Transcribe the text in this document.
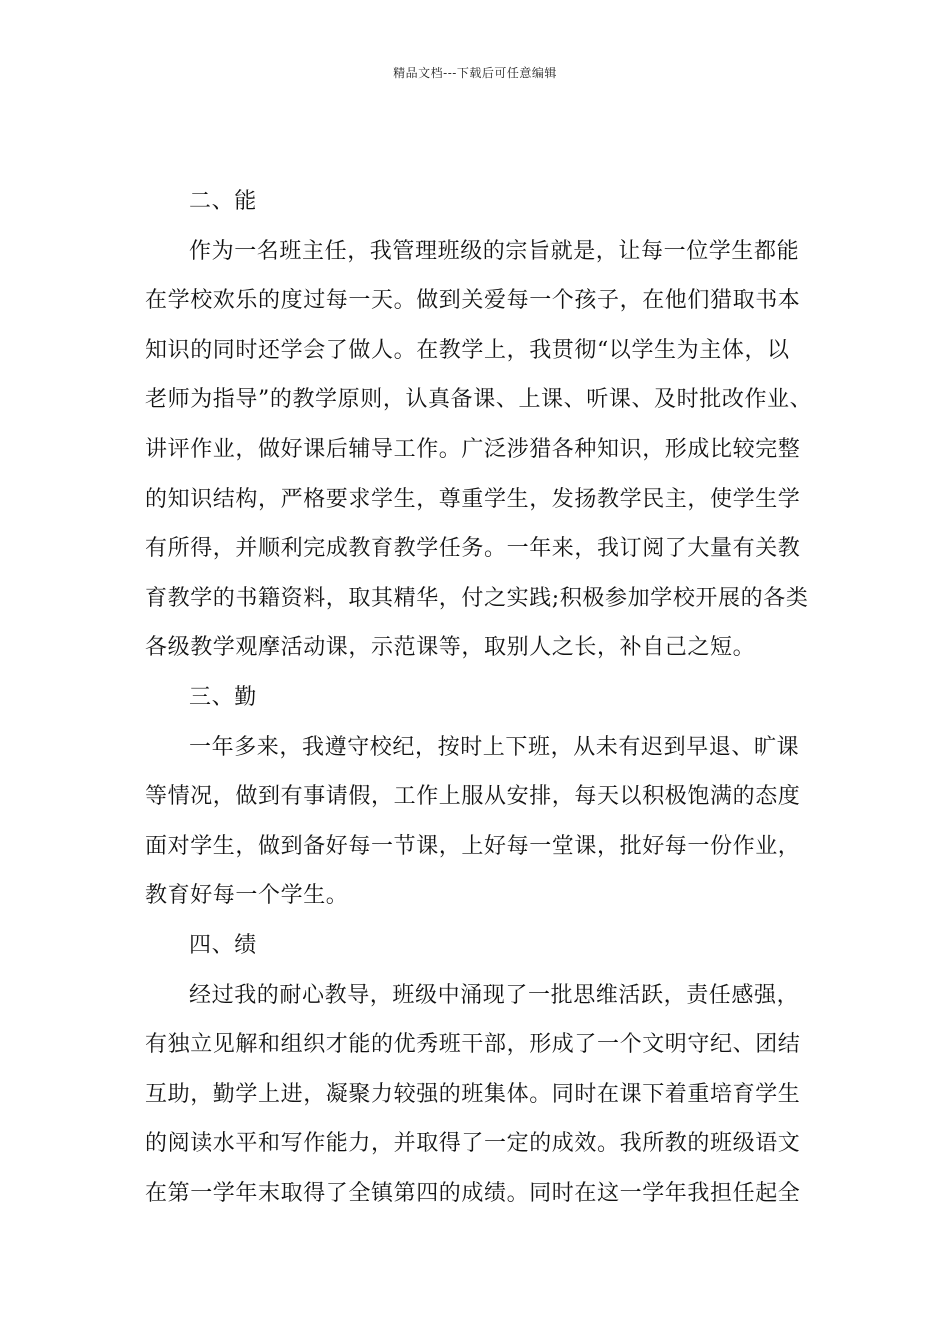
精品文档---下载后可任意编辑
二、能
作为一名班主任，我管理班级的宗旨就是，让每一位学生都能
在学校欢乐的度过每一天。做到关爱每一个孩子，在他们猎取书本
知识的同时还学会了做人。在教学上，我贯彻“以学生为主体，以
老师为指导”的教学原则，认真备课、上课、听课、及时批改作业、
讲评作业，做好课后辅导工作。广泛涉猎各种知识，形成比较完整
的知识结构，严格要求学生，尊重学生，发扬教学民主，使学生学
有所得，并顺利完成教育教学任务。一年来，我订阅了大量有关教
育教学的书籍资料，取其精华，付之实践;积极参加学校开展的各类
各级教学观摩活动课，示范课等，取别人之长，补自己之短。
三、勤
一年多来，我遵守校纪，按时上下班，从未有迟到早退、旷课
等情况，做到有事请假，工作上服从安排，每天以积极饱满的态度
面对学生，做到备好每一节课，上好每一堂课，批好每一份作业，
教育好每一个学生。
四、绩
经过我的耐心教导，班级中涌现了一批思维活跃，责任感强，
有独立见解和组织才能的优秀班干部，形成了一个文明守纪、团结
互助，勤学上进，凝聚力较强的班集体。同时在课下着重培育学生
的阅读水平和写作能力，并取得了一定的成效。我所教的班级语文
在第一学年末取得了全镇第四的成绩。同时在这一学年我担任起全
